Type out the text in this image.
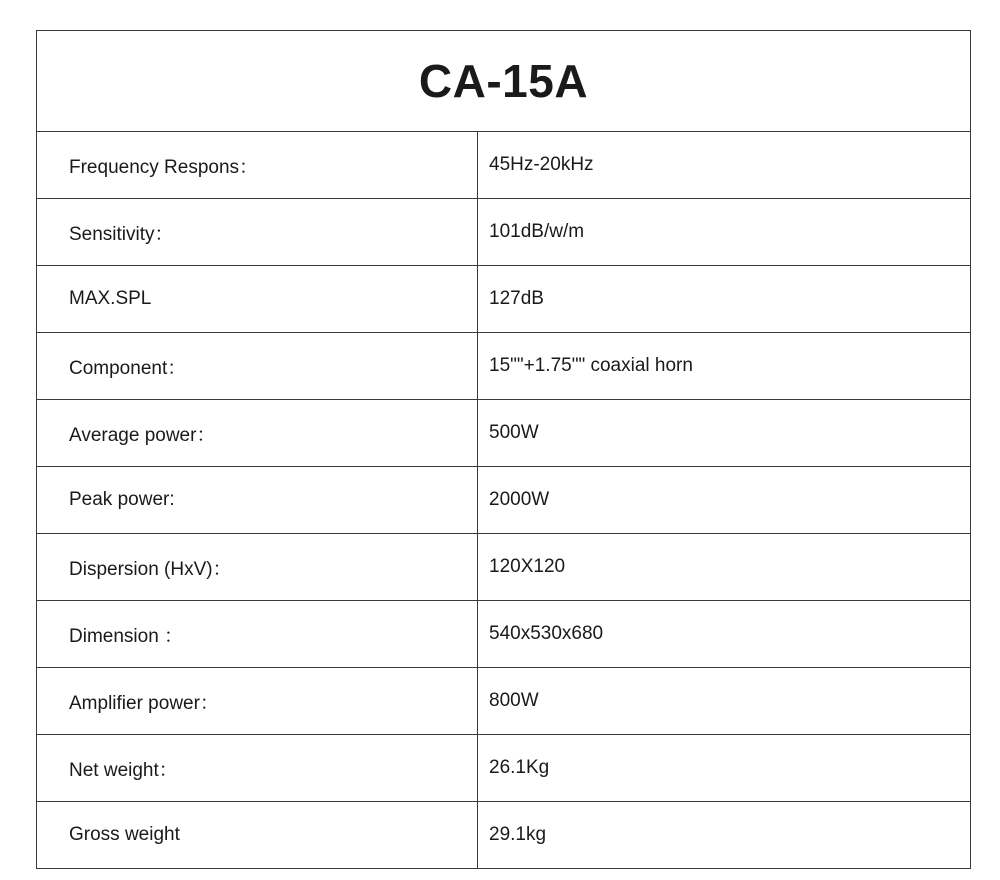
CA-15A	
Frequency Respons：	45Hz-20kHz
Sensitivity：	101dB/w/m
MAX.SPL	127dB
Component：	15""+1.75"" coaxial horn
Average power：	500W
Peak power:	2000W
Dispersion (HxV)：	120X120
Dimension ：	540x530x680
Amplifier power：	800W
Net weight：	26.1Kg
Gross weight	29.1kg
